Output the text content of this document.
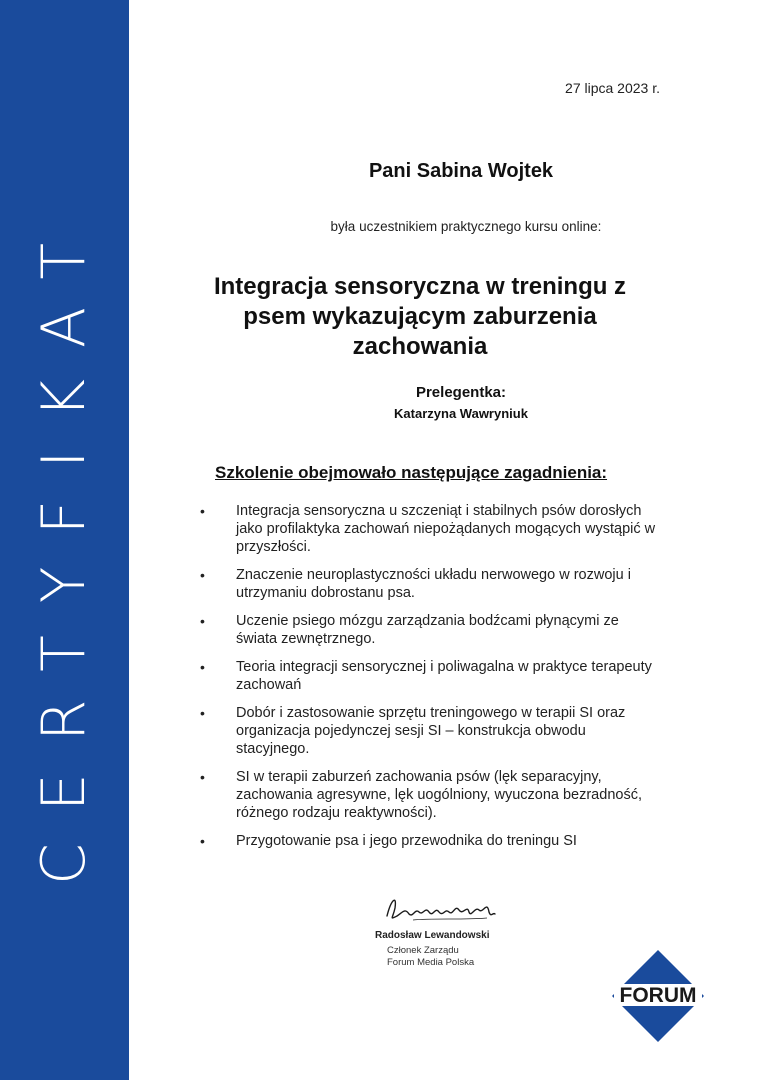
CERTYFIKAT
27 lipca 2023 r.
Pani Sabina Wojtek
była uczestnikiem praktycznego kursu online:
Integracja sensoryczna w treningu z psem wykazującym zaburzenia zachowania
Prelegentka:
Katarzyna Wawryniuk
Szkolenie obejmowało następujące zagadnienia:
• Integracja sensoryczna u szczeniąt i stabilnych psów dorosłych jako profilaktyka zachowań niepożądanych mogących wystąpić w przyszłości.
• Znaczenie neuroplastyczności układu nerwowego w rozwoju i utrzymaniu dobrostanu psa.
• Uczenie psiego mózgu zarządzania bodźcami płynącymi ze świata zewnętrznego.
• Teoria integracji sensorycznej i poliwagalna w praktyce terapeuty zachowań
• Dobór i zastosowanie sprzętu treningowego w terapii SI oraz organizacja pojedynczej sesji SI – konstrukcja obwodu stacyjnego.
• SI w terapii zaburzeń zachowania psów (lęk separacyjny, zachowania agresywne, lęk uogólniony, wyuczona bezradność, różnego rodzaju reaktywności).
• Przygotowanie psa i jego przewodnika do treningu SI
Radosław Lewandowski
Członek Zarządu
Forum Media Polska
FORUM
